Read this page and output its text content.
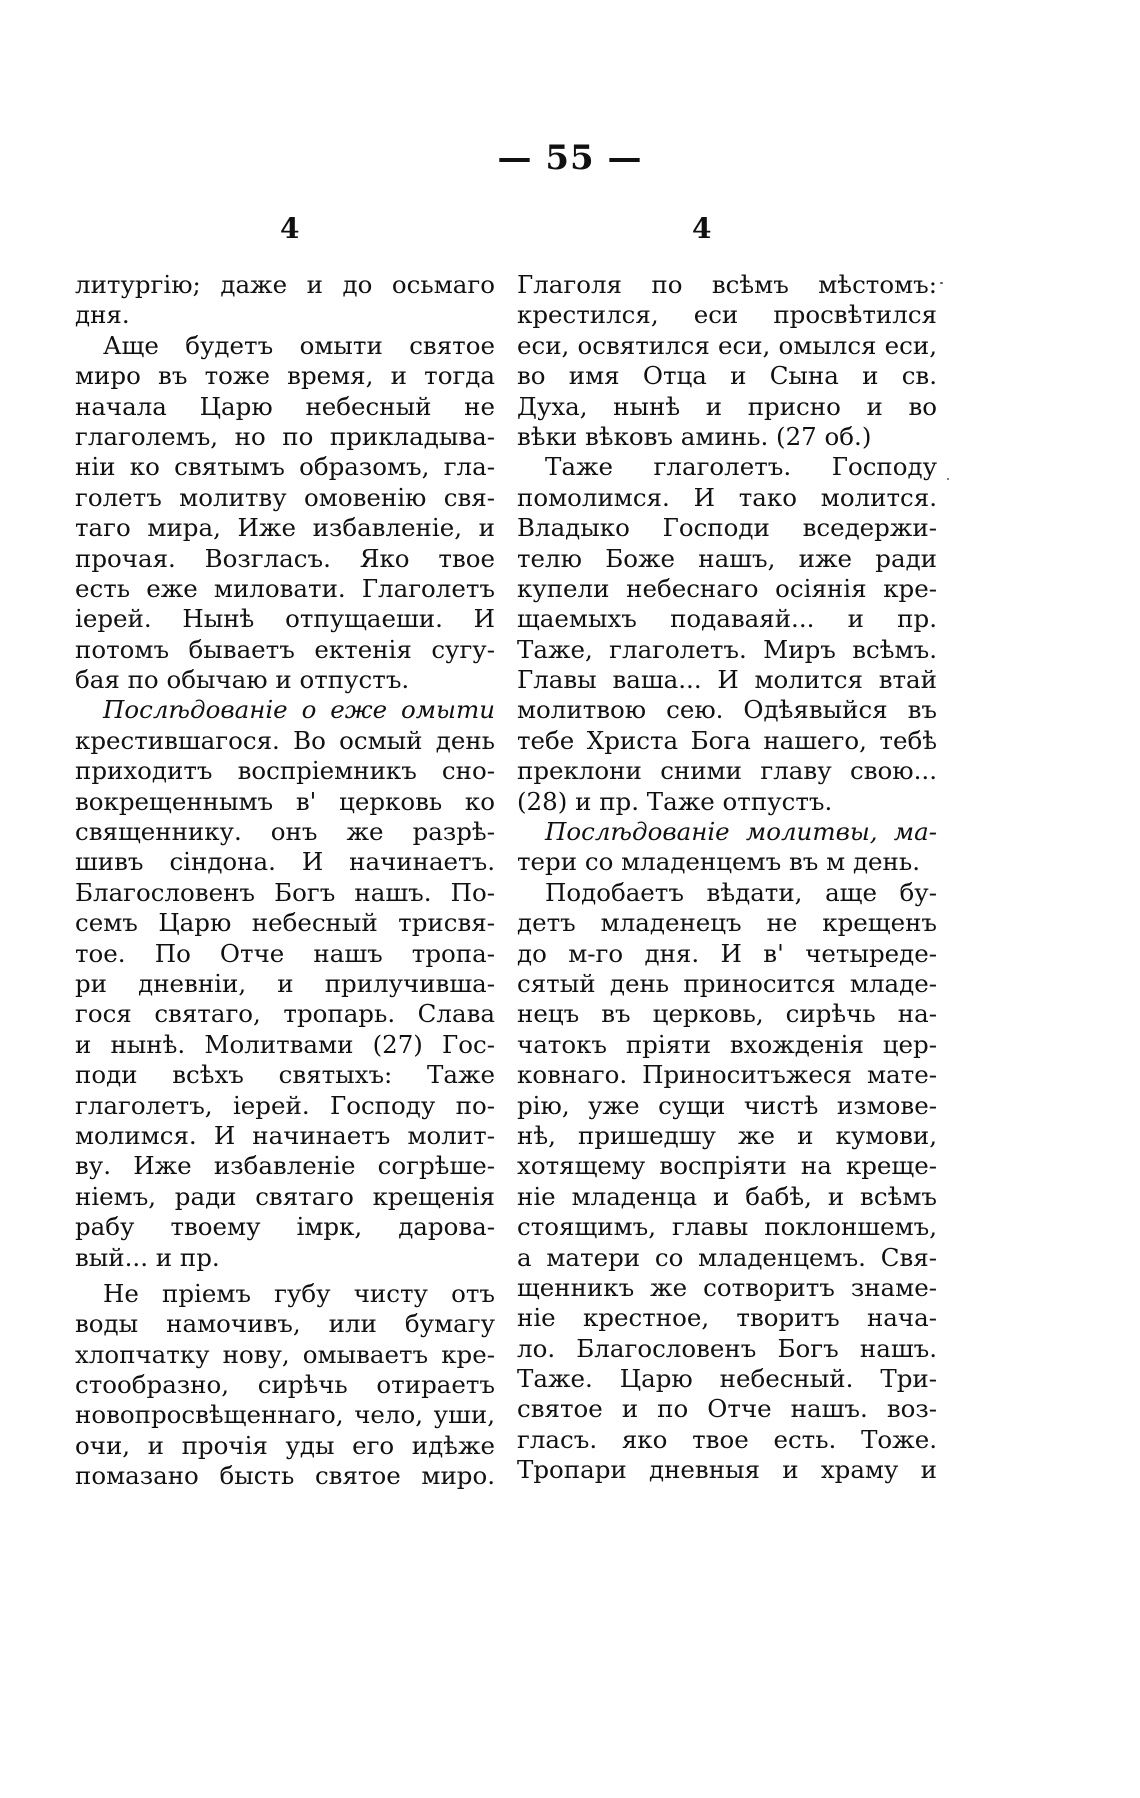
— 55 —
4	4
литургію; даже и до осьмаго
дня.
Аще будетъ омыти святое
миро въ тоже время, и тогда
начала Царю небесный не
глаголемъ, но по прикладыва-
ніи ко святымъ образомъ, гла-
голетъ молитву омовенію свя-
таго мира, Иже избавленіе, и
прочая. Возгласъ. Яко твое
есть еже миловати. Глаголетъ
іерей. Нынѣ отпущаеши. И
потомъ бываетъ ектенія сугу-
бая по обычаю и отпустъ.
Послѣдованіе о еже омыти
крестившагося. Во осмый день
приходитъ воспріемникъ сно-
вокрещеннымъ в' церковь ко
священнику. онъ же разрѣ-
шивъ сіндона. И начинаетъ.
Благословенъ Богъ нашъ. По-
семъ Царю небесный трисвя-
тое. По Отче нашъ тропа-
ри дневніи, и прилучивша-
гося святаго, тропарь. Слава
и нынѣ. Молитвами (27) Гос-
поди всѣхъ святыхъ: Таже
глаголетъ, іерей. Господу по-
молимся. И начинаетъ молит-
ву. Иже избавленіе согрѣше-
ніемъ, ради святаго крещенія
рабу твоему імрк, дарова-
вый... и пр.
Не пріемъ губу чисту отъ
воды намочивъ, или бумагу
хлопчатку нову, омываетъ кре-
стообразно, сирѣчь отираетъ
новопросвѣщеннаго, чело, уши,
очи, и прочія уды его идѣже
помазано бысть святое миро.
Глаголя по всѣмъ мѣстомъ:
крестился, еси просвѣтился
еси, освятился еси, омылся еси,
во имя Отца и Сына и св.
Духа, нынѣ и присно и во
вѣки вѣковъ аминь. (27 об.)
Таже глаголетъ. Господу
помолимся. И тако молится.
Владыко Господи вседержи-
телю Боже нашъ, иже ради
купели небеснаго осіянія кре-
щаемыхъ подаваяй... и пр.
Таже, глаголетъ. Миръ всѣмъ.
Главы ваша... И молится втай
молитвою сею. Одѣявыйся въ
тебе Христа Бога нашего, тебѣ
преклони сними главу свою...
(28) и пр. Таже отпустъ.
Послѣдованіе молитвы, ма-
тери со младенцемъ въ м день.
Подобаетъ вѣдати, аще бу-
детъ младенецъ не крещенъ
до м-го дня. И в' четыреде-
сятый день приносится младе-
нецъ въ церковь, сирѣчь на-
чатокъ пріяти вхожденія цер-
ковнаго. Приноситъжеся мате-
рію, уже сущи чистѣ измове-
нѣ, пришедшу же и кумови,
хотящему воспріяти на креще-
ніе младенца и бабѣ, и всѣмъ
стоящимъ, главы поклоншемъ,
а матери со младенцемъ. Свя-
щенникъ же сотворитъ знаме-
ніе крестное, творитъ нача-
ло. Благословенъ Богъ нашъ.
Таже. Царю небесный. Три-
святое и по Отче нашъ. воз-
гласъ. яко твое есть. Тоже.
Тропари дневныя и храму и
